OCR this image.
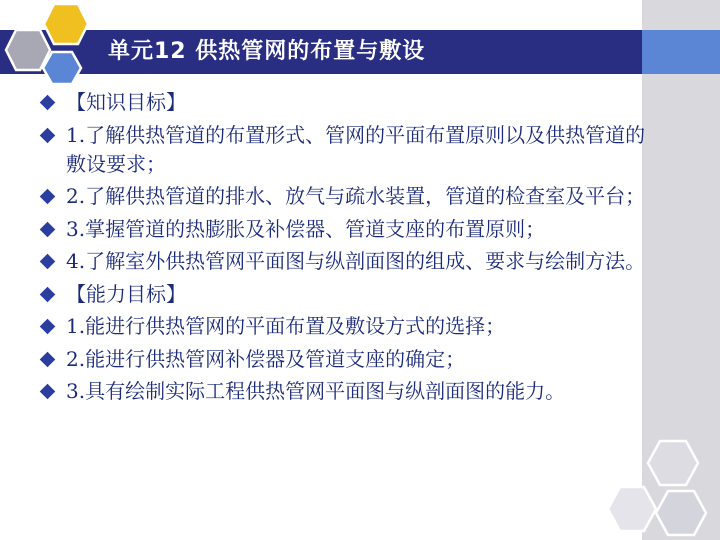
单元12 供热管网的布置与敷设
【知识目标】
1.了解供热管道的布置形式、管网的平面布置原则以及供热管道的敷设要求；
2.了解供热管道的排水、放气与疏水装置，管道的检查室及平台；
3.掌握管道的热膨胀及补偿器、管道支座的布置原则；
4.了解室外供热管网平面图与纵剖面图的组成、要求与绘制方法。
【能力目标】
1.能进行供热管网的平面布置及敷设方式的选择；
2.能进行供热管网补偿器及管道支座的确定；
3.具有绘制实际工程供热管网平面图与纵剖面图的能力。
